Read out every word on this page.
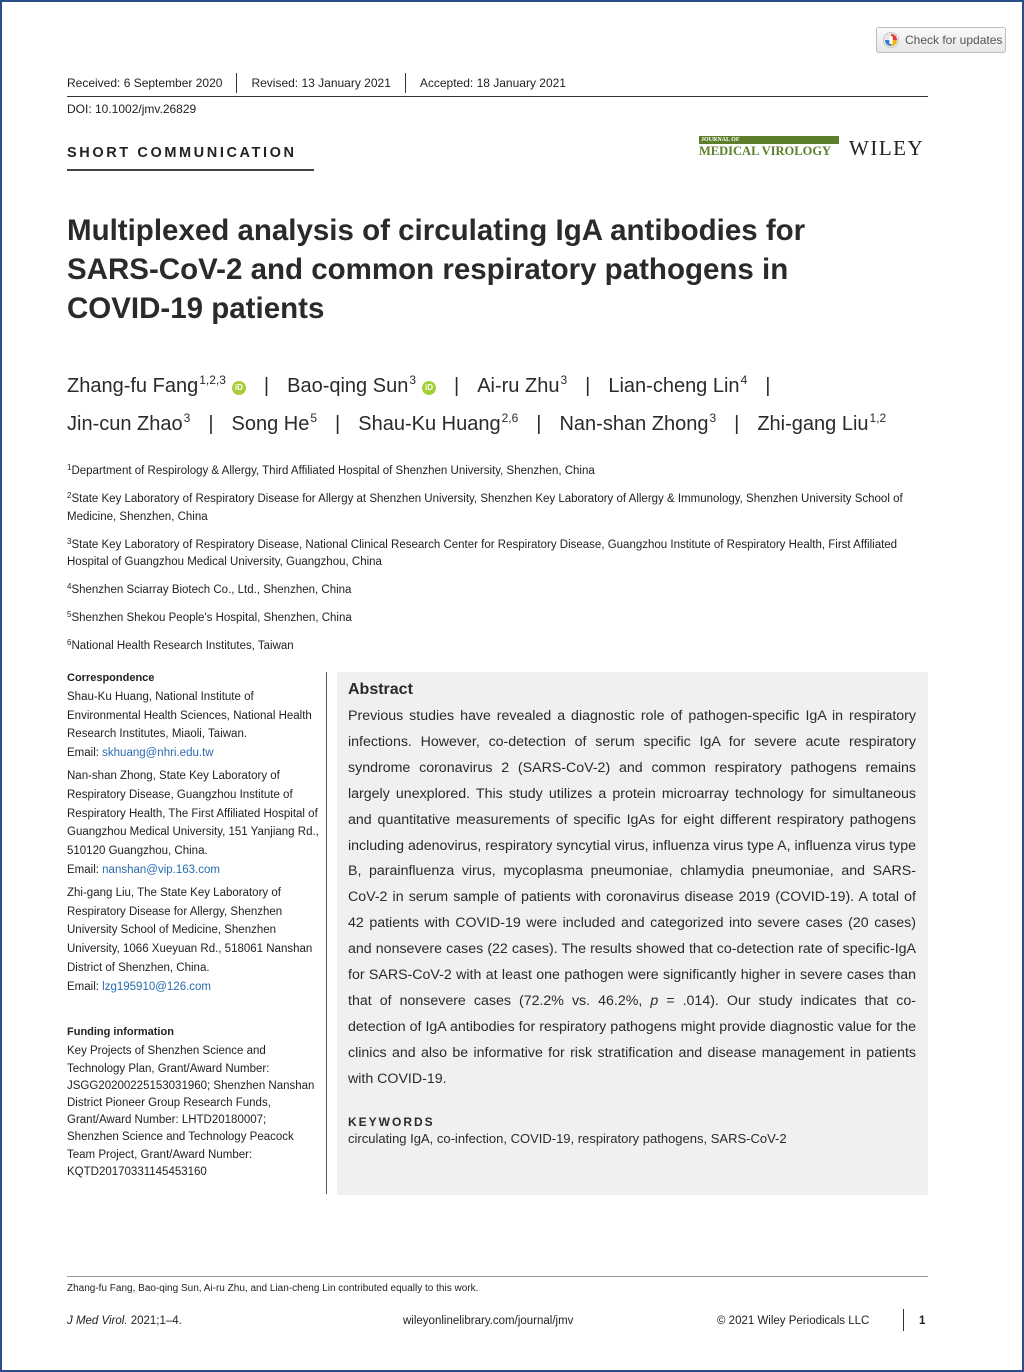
Check for updates
Received: 6 September 2020 Revised: 13 January 2021 Accepted: 18 January 2021
DOI: 10.1002/jmv.26829
SHORT COMMUNICATION
JOURNAL OF
MEDICAL VIROLOGY WILEY
Multiplexed analysis of circulating IgA antibodies for SARS-CoV-2 and common respiratory pathogens in COVID-19 patients
Zhang-fu Fang$^{1,2,3}$iD | Bao-qing Sun$^3$iD | Ai-ru Zhu$^3$ | Lian-cheng Lin$^4$ |
Jin-cun Zhao$^3$ | Song He$^5$ | Shau-Ku Huang$^{2,6}$ | Nan-shan Zhong$^3$ | Zhi-gang Liu$^{1,2}$
$^1$Department of Respirology & Allergy, Third Affiliated Hospital of Shenzhen University, Shenzhen, China
$^2$State Key Laboratory of Respiratory Disease for Allergy at Shenzhen University, Shenzhen Key Laboratory of Allergy & Immunology, Shenzhen University School of Medicine, Shenzhen, China
$^3$State Key Laboratory of Respiratory Disease, National Clinical Research Center for Respiratory Disease, Guangzhou Institute of Respiratory Health, First Affiliated Hospital of Guangzhou Medical University, Guangzhou, China
$^4$Shenzhen Sciarray Biotech Co., Ltd., Shenzhen, China
$^5$Shenzhen Shekou People's Hospital, Shenzhen, China
$^6$National Health Research Institutes, Taiwan
Correspondence
Shau-Ku Huang, National Institute of Environmental Health Sciences, National Health Research Institutes, Miaoli, Taiwan.
Email: skhuang@nhri.edu.tw
Nan-shan Zhong, State Key Laboratory of Respiratory Disease, Guangzhou Institute of Respiratory Health, The First Affiliated Hospital of Guangzhou Medical University, 151 Yanjiang Rd., 510120 Guangzhou, China.
Email: nanshan@vip.163.com
Zhi-gang Liu, The State Key Laboratory of Respiratory Disease for Allergy, Shenzhen University School of Medicine, Shenzhen University, 1066 Xueyuan Rd., 518061 Nanshan District of Shenzhen, China.
Email: lzg195910@126.com
Funding information
Key Projects of Shenzhen Science and Technology Plan, Grant/Award Number: JSGG20200225153031960; Shenzhen Nanshan District Pioneer Group Research Funds, Grant/Award Number: LHTD20180007; Shenzhen Science and Technology Peacock Team Project, Grant/Award Number: KQTD20170331145453160
Abstract
Previous studies have revealed a diagnostic role of pathogen-specific IgA in respiratory infections. However, co-detection of serum specific IgA for severe acute respiratory syndrome coronavirus 2 (SARS-CoV-2) and common respiratory pathogens remains largely unexplored. This study utilizes a protein microarray technology for simultaneous and quantitative measurements of specific IgAs for eight different respiratory pathogens including adenovirus, respiratory syncytial virus, influenza virus type A, influenza virus type B, parainfluenza virus, mycoplasma pneumoniae, chlamydia pneumoniae, and SARS-CoV-2 in serum sample of patients with coronavirus disease 2019 (COVID-19). A total of 42 patients with COVID-19 were included and categorized into severe cases (20 cases) and nonsevere cases (22 cases). The results showed that co-detection rate of specific-IgA for SARS-CoV-2 with at least one pathogen were significantly higher in severe cases than that of nonsevere cases (72.2% vs. 46.2%, p = .014). Our study indicates that co-detection of IgA antibodies for respiratory pathogens might provide diagnostic value for the clinics and also be informative for risk stratification and disease management in patients with COVID-19.
KEYWORDS
circulating IgA, co-infection, COVID-19, respiratory pathogens, SARS-CoV-2
Zhang-fu Fang, Bao-qing Sun, Ai-ru Zhu, and Lian-cheng Lin contributed equally to this work.
J Med Virol. 2021;1–4.	wileyonlinelibrary.com/journal/jmv	© 2021 Wiley Periodicals LLC	1
